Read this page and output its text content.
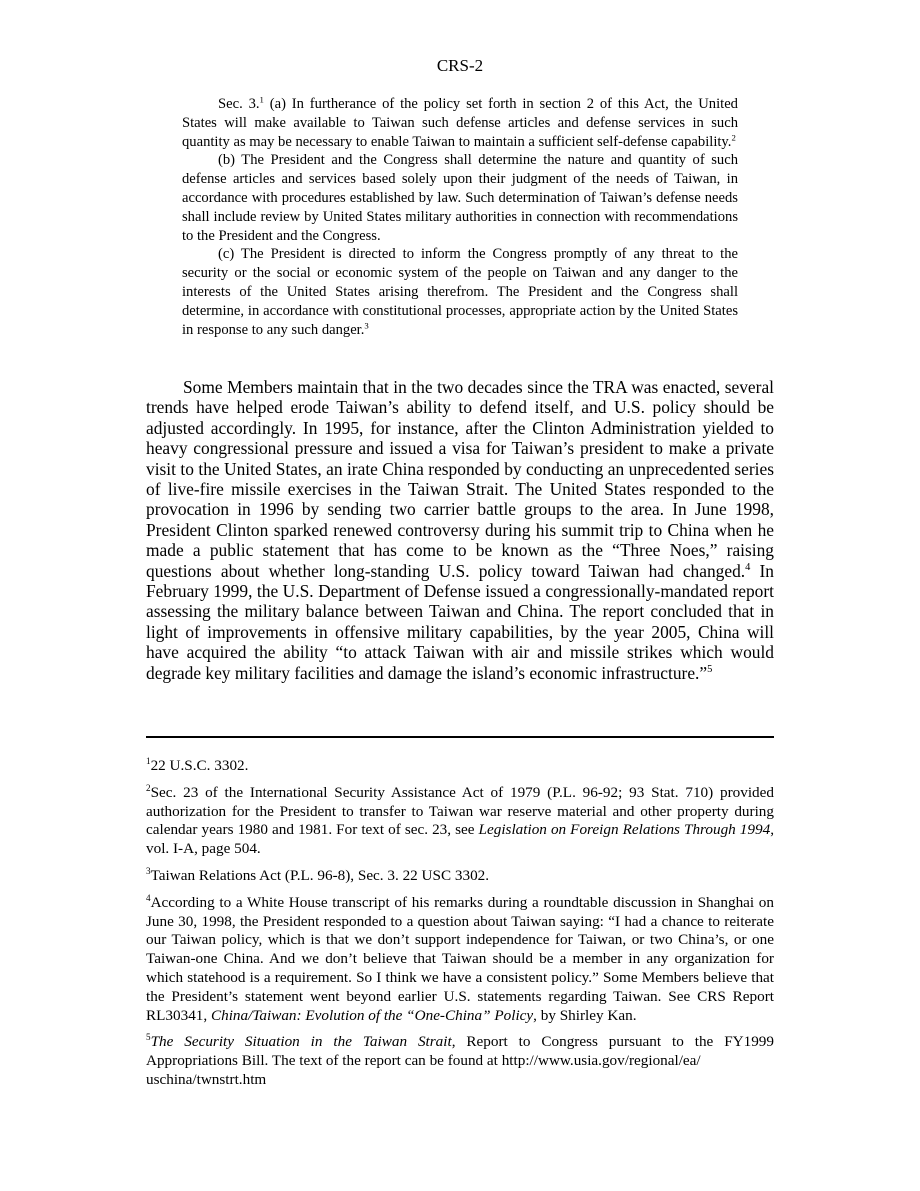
CRS-2

Sec. 3.$^1$ (a) In furtherance of the policy set forth in section 2 of this Act, the United States will make available to Taiwan such defense articles and defense services in such quantity as may be necessary to enable Taiwan to maintain a sufficient self-defense capability.$^2$

(b) The President and the Congress shall determine the nature and quantity of such defense articles and services based solely upon their judgment of the needs of Taiwan, in accordance with procedures established by law. Such determination of Taiwan’s defense needs shall include review by United States military authorities in connection with recommendations to the President and the Congress.

(c) The President is directed to inform the Congress promptly of any threat to the security or the social or economic system of the people on Taiwan and any danger to the interests of the United States arising therefrom. The President and the Congress shall determine, in accordance with constitutional processes, appropriate action by the United States in response to any such danger.$^3$

Some Members maintain that in the two decades since the TRA was enacted, several trends have helped erode Taiwan’s ability to defend itself, and U.S. policy should be adjusted accordingly. In 1995, for instance, after the Clinton Administration yielded to heavy congressional pressure and issued a visa for Taiwan’s president to make a private visit to the United States, an irate China responded by conducting an unprecedented series of live-fire missile exercises in the Taiwan Strait. The United States responded to the provocation in 1996 by sending two carrier battle groups to the area. In June 1998, President Clinton sparked renewed controversy during his summit trip to China when he made a public statement that has come to be known as the “Three Noes,” raising questions about whether long-standing U.S. policy toward Taiwan had changed.$^4$ In February 1999, the U.S. Department of Defense issued a congressionally-mandated report assessing the military balance between Taiwan and China. The report concluded that in light of improvements in offensive military capabilities, by the year 2005, China will have acquired the ability “to attack Taiwan with air and missile strikes which would degrade key military facilities and damage the island’s economic infrastructure.”$^5$

$^1$22 U.S.C. 3302.

$^2$Sec. 23 of the International Security Assistance Act of 1979 (P.L. 96-92; 93 Stat. 710) provided authorization for the President to transfer to Taiwan war reserve material and other property during calendar years 1980 and 1981. For text of sec. 23, see Legislation on Foreign Relations Through 1994, vol. I-A, page 504.

$^3$Taiwan Relations Act (P.L. 96-8), Sec. 3. 22 USC 3302.

$^4$According to a White House transcript of his remarks during a roundtable discussion in Shanghai on June 30, 1998, the President responded to a question about Taiwan saying: “I had a chance to reiterate our Taiwan policy, which is that we don’t support independence for Taiwan, or two China’s, or one Taiwan-one China. And we don’t believe that Taiwan should be a member in any organization for which statehood is a requirement. So I think we have a consistent policy.” Some Members believe that the President’s statement went beyond earlier U.S. statements regarding Taiwan. See CRS Report RL30341, China/Taiwan: Evolution of the “One-China” Policy, by Shirley Kan.

$^5$The Security Situation in the Taiwan Strait, Report to Congress pursuant to the FY1999 Appropriations Bill. The text of the report can be found at http://www.usia.gov/regional/ea/
uschina/twnstrt.htm
